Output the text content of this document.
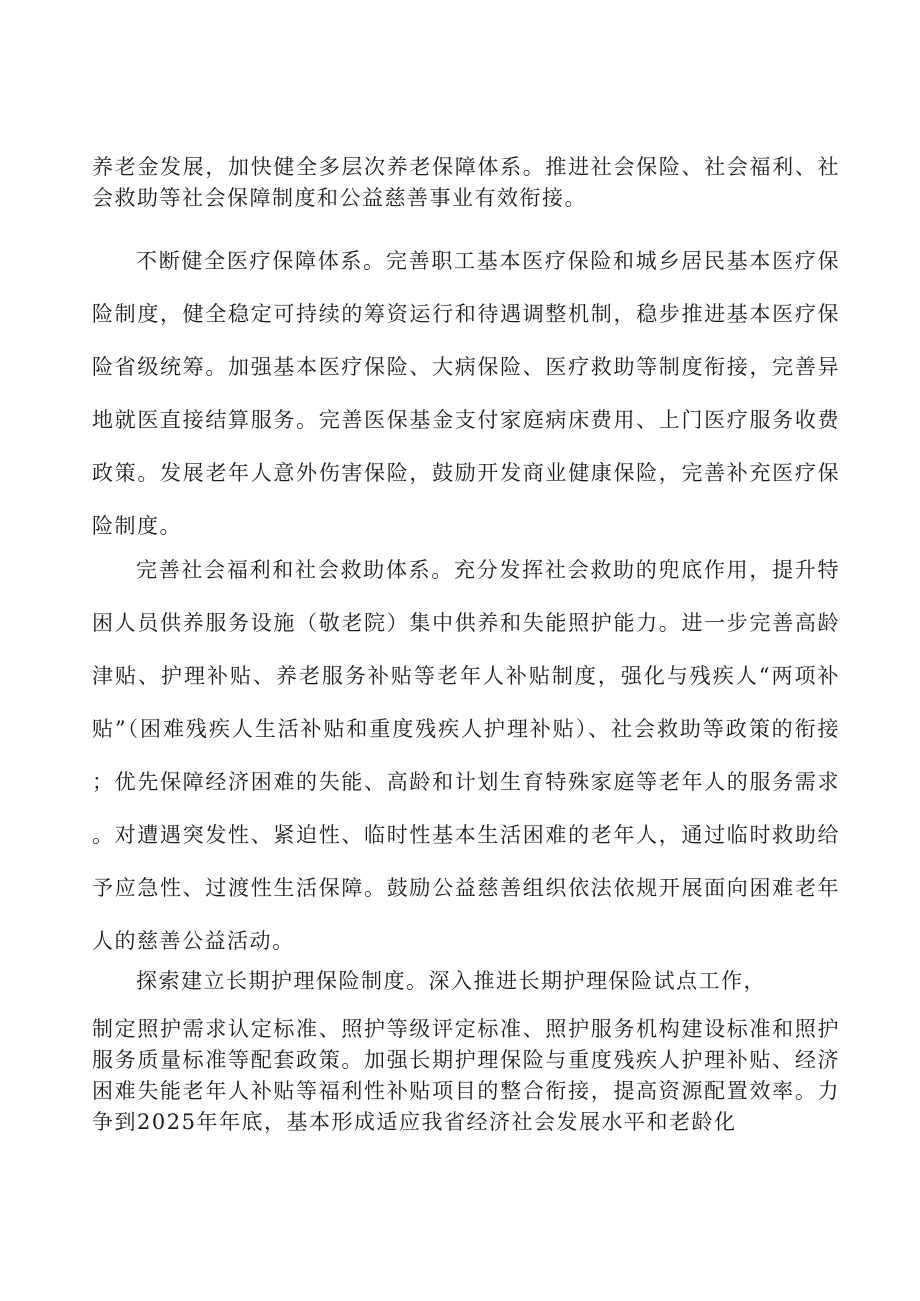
养老金发展，加快健全多层次养老保障体系。推进社会保险、社会福利、社会救助等社会保障制度和公益慈善事业有效衔接。

不断健全医疗保障体系。完善职工基本医疗保险和城乡居民基本医疗保险制度，健全稳定可持续的筹资运行和待遇调整机制，稳步推进基本医疗保险省级统筹。加强基本医疗保险、大病保险、医疗救助等制度衔接，完善异地就医直接结算服务。完善医保基金支付家庭病床费用、上门医疗服务收费政策。发展老年人意外伤害保险，鼓励开发商业健康保险，完善补充医疗保险制度。

完善社会福利和社会救助体系。充分发挥社会救助的兜底作用，提升特困人员供养服务设施（敬老院）集中供养和失能照护能力。进一步完善高龄津贴、护理补贴、养老服务补贴等老年人补贴制度，强化与残疾人“两项补贴”（困难残疾人生活补贴和重度残疾人护理补贴）、社会救助等政策的衔接；优先保障经济困难的失能、高龄和计划生育特殊家庭等老年人的服务需求。对遭遇突发性、紧迫性、临时性基本生活困难的老年人，通过临时救助给予应急性、过渡性生活保障。鼓励公益慈善组织依法依规开展面向困难老年人的慈善公益活动。

探索建立长期护理保险制度。深入推进长期护理保险试点工作，

制定照护需求认定标准、照护等级评定标准、照护服务机构建设标准和照护服务质量标准等配套政策。加强长期护理保险与重度残疾人护理补贴、经济困难失能老年人补贴等福利性补贴项目的整合衔接，提高资源配置效率。力争到2025年年底，基本形成适应我省经济社会发展水平和老龄化
